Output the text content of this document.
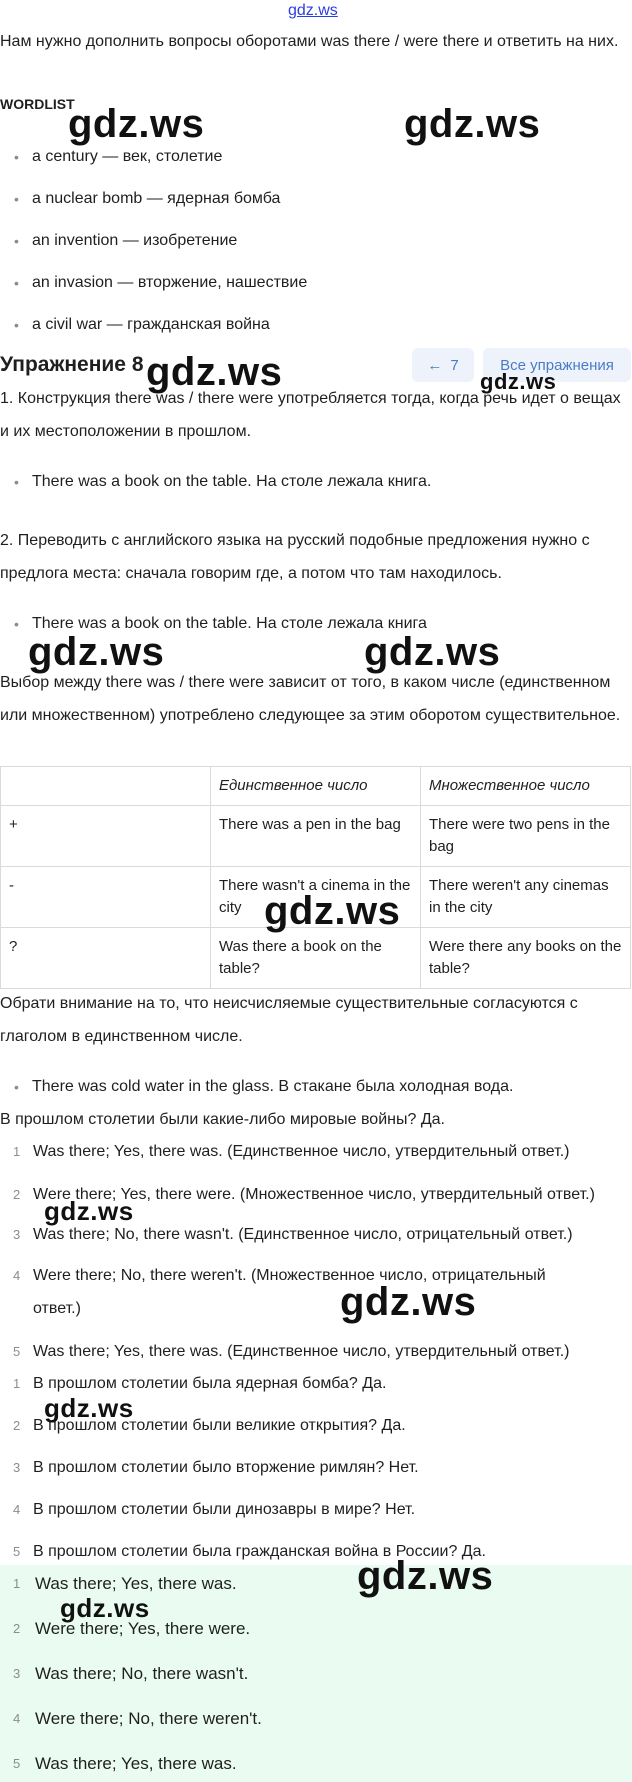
gdz.ws
Нам нужно дополнить вопросы оборотами was there / were there и ответить на них.
WORDLIST
• a century — век, столетие
• a nuclear bomb — ядерная бомба
• an invention — изобретение
• an invasion — вторжение, нашествие
• a civil war — гражданская война
Упражнение 8	← 7	Все упражнения
1. Конструкция there was / there were употребляется тогда, когда речь идет о вещах и их местоположении в прошлом.
• There was a book on the table. На столе лежала книга.
2. Переводить с английского языка на русский подобные предложения нужно с предлога места: сначала говорим где, а потом что там находилось.
• There was a book on the table. На столе лежала книга
Выбор между there was / there were зависит от того, в каком числе (единственном или множественном) употреблено следующее за этим оборотом существительное.
	Единственное число	Множественное число
+	There was a pen in the bag	There were two pens in the bag
-	There wasn't a cinema in the city	There weren't any cinemas in the city
?	Was there a book on the table?	Were there any books on the table?
Обрати внимание на то, что неисчисляемые существительные согласуются с глаголом в единственном числе.
• There was cold water in the glass. В стакане была холодная вода.
В прошлом столетии были какие-либо мировые войны? Да.
1 Was there; Yes, there was. (Единственное число, утвердительный ответ.)
2 Were there; Yes, there were. (Множественное число, утвердительный ответ.)
3 Was there; No, there wasn't. (Единственное число, отрицательный ответ.)
4 Were there; No, there weren't. (Множественное число, отрицательный
ответ.)
5 Was there; Yes, there was. (Единственное число, утвердительный ответ.)
1 В прошлом столетии была ядерная бомба? Да.
2 В прошлом столетии были великие открытия? Да.
3 В прошлом столетии было вторжение римлян? Нет.
4 В прошлом столетии были динозавры в мире? Нет.
5 В прошлом столетии была гражданская война в России? Да.
1 Was there; Yes, there was.
2 Were there; Yes, there were.
3 Was there; No, there wasn't.
4 Were there; No, there weren't.
5 Was there; Yes, there was.
gdz.ws	gdz.ws
gdz.ws	gdz.ws
gdz.ws	gdz.ws
gdz.ws
gdz.ws
gdz.ws
gdz.ws
gdz.ws
gdz.ws
